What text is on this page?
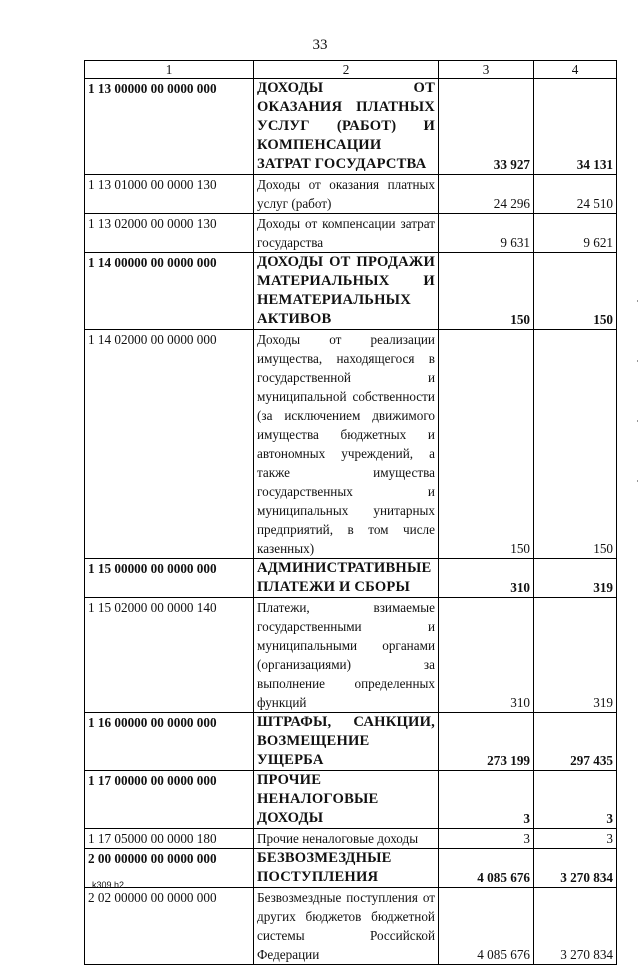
33
1	2	3	4
1 13 00000 00 0000 000	ДОХОДЫ ОТ ОКАЗАНИЯ ПЛАТНЫХ УСЛУГ (РАБОТ) И КОМПЕНСАЦИИ ЗАТРАТ ГОСУДАРСТВА	33 927	34 131
1 13 01000 00 0000 130	Доходы от оказания платных услуг (работ)	24 296	24 510
1 13 02000 00 0000 130	Доходы от компенсации затрат государства	9 631	9 621
1 14 00000 00 0000 000	ДОХОДЫ ОТ ПРОДАЖИ МАТЕРИАЛЬНЫХ И НЕМАТЕРИАЛЬНЫХ АКТИВОВ	150	150
1 14 02000 00 0000 000	Доходы от реализации имущества, находящегося в государственной и муниципальной собственности (за исключением движимого имущества бюджетных и автономных учреждений, а также имущества государственных и муниципальных унитарных предприятий, в том числе казенных)	150	150
1 15 00000 00 0000 000	АДМИНИСТРАТИВНЫЕ ПЛАТЕЖИ И СБОРЫ	310	319
1 15 02000 00 0000 140	Платежи, взимаемые государственными и муниципальными органами (организациями) за выполнение определенных функций	310	319
1 16 00000 00 0000 000	ШТРАФЫ, САНКЦИИ, ВОЗМЕЩЕНИЕ УЩЕРБА	273 199	297 435
1 17 00000 00 0000 000	ПРОЧИЕ НЕНАЛОГОВЫЕ ДОХОДЫ	3	3
1 17 05000 00 0000 180	Прочие неналоговые доходы	3	3
2 00 00000 00 0000 000	БЕЗВОЗМЕЗДНЫЕ ПОСТУПЛЕНИЯ	4 085 676	3 270 834
2 02 00000 00 0000 000	Безвозмездные поступления от других бюджетов бюджетной системы Российской Федерации	4 085 676	3 270 834
k309 h2
